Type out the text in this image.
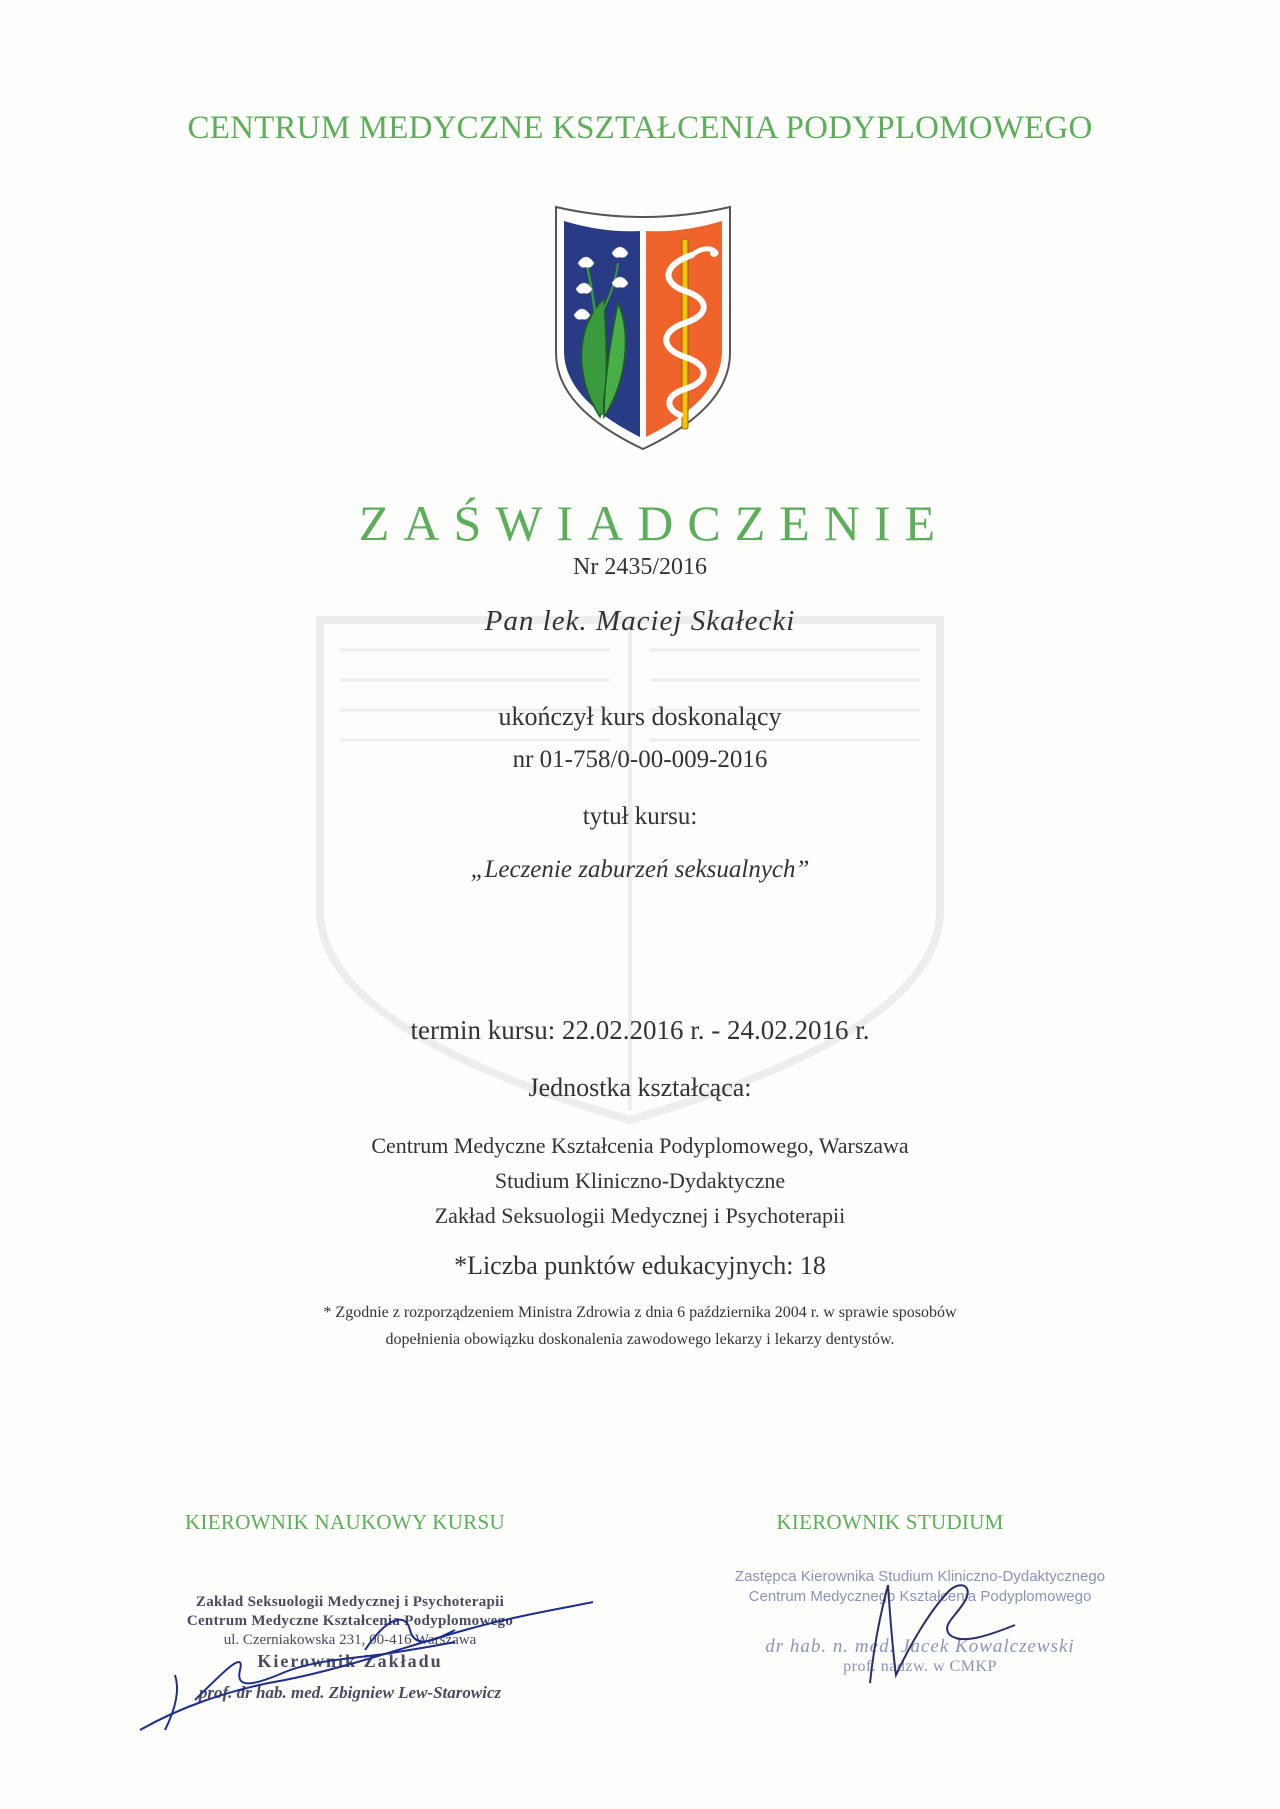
CENTRUM MEDYCZNE KSZTAŁCENIA PODYPLOMOWEGO
ZAŚWIADCZENIE
Nr 2435/2016
Pan lek. Maciej Skałecki
ukończył kurs doskonalący
nr 01-758/0-00-009-2016
tytuł kursu:
„Leczenie zaburzeń seksualnych”
termin kursu: 22.02.2016 r. - 24.02.2016 r.
Jednostka kształcąca:
Centrum Medyczne Kształcenia Podyplomowego, Warszawa
Studium Kliniczno-Dydaktyczne
Zakład Seksuologii Medycznej i Psychoterapii
*Liczba punktów edukacyjnych: 18
* Zgodnie z rozporządzeniem Ministra Zdrowia z dnia 6 października 2004 r. w sprawie sposobów
dopełnienia obowiązku doskonalenia zawodowego lekarzy i lekarzy dentystów.
KIEROWNIK NAUKOWY KURSU	KIEROWNIK STUDIUM
Zakład Seksuologii Medycznej i Psychoterapii
Centrum Medyczne Kształcenia Podyplomowego
ul. Czerniakowska 231, 00-416 Warszawa
Kierownik Zakładu
prof. dr hab. med. Zbigniew Lew-Starowicz
Zastępca Kierownika Studium Kliniczno-Dydaktycznego
Centrum Medycznego Kształcenia Podyplomowego
dr hab. n. med. Jacek Kowalczewski
prof. nadzw. w CMKP
